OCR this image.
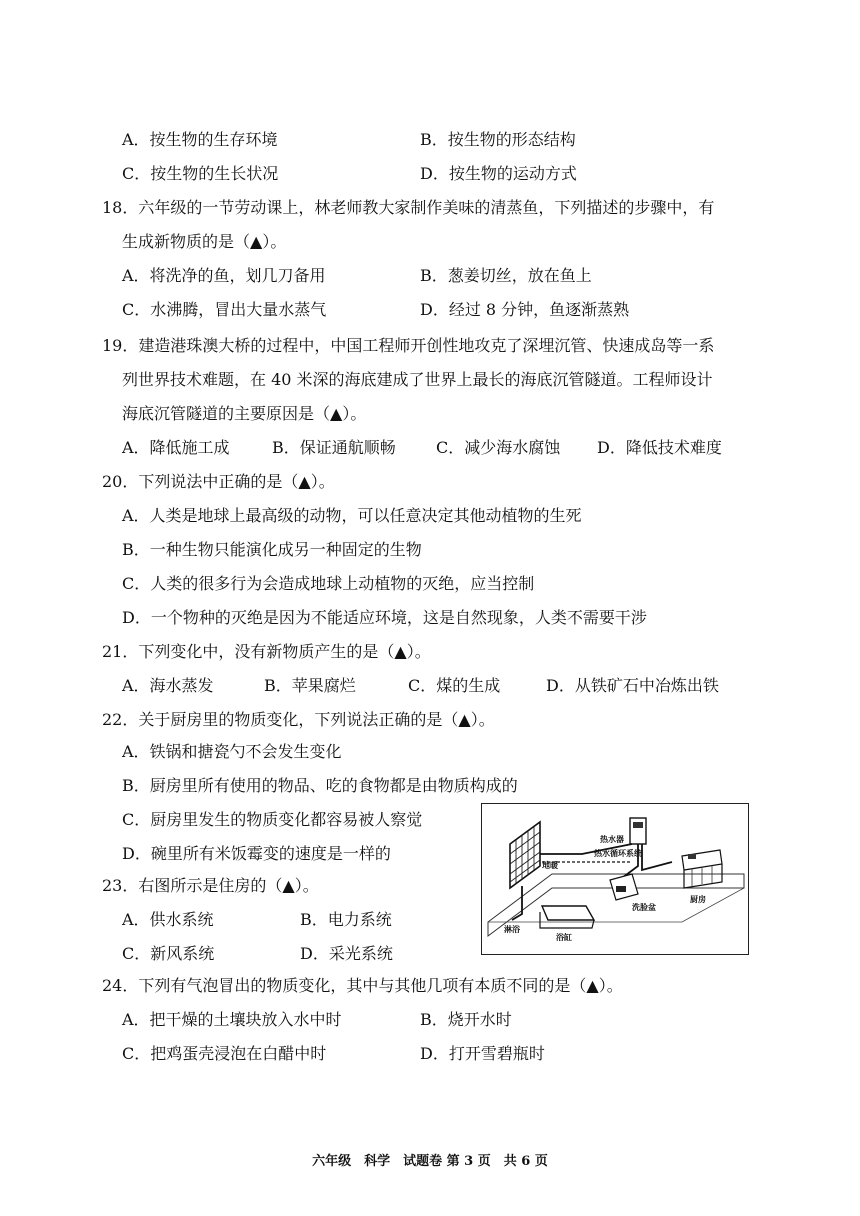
A．按生物的生存环境	B．按生物的形态结构
C．按生物的生长状况	D．按生物的运动方式
18．六年级的一节劳动课上，林老师教大家制作美味的清蒸鱼，下列描述的步骤中，有
生成新物质的是（▲）。
A．将洗净的鱼，划几刀备用	B．葱姜切丝，放在鱼上
C．水沸腾，冒出大量水蒸气	D．经过 8 分钟，鱼逐渐蒸熟
19．建造港珠澳大桥的过程中，中国工程师开创性地攻克了深埋沉管、快速成岛等一系
列世界技术难题，在 40 米深的海底建成了世界上最长的海底沉管隧道。工程师设计
海底沉管隧道的主要原因是（▲）。
A．降低施工成	B．保证通航顺畅	C．减少海水腐蚀 D．降低技术难度
20．下列说法中正确的是（▲）。
A．人类是地球上最高级的动物，可以任意决定其他动植物的生死
B．一种生物只能演化成另一种固定的生物
C．人类的很多行为会造成地球上动植物的灭绝，应当控制
D．一个物种的灭绝是因为不能适应环境，这是自然现象，人类不需要干涉
21．下列变化中，没有新物质产生的是（▲）。
A．海水蒸发	B．苹果腐烂	C．煤的生成	D．从铁矿石中冶炼出铁
22．关于厨房里的物质变化，下列说法正确的是（▲）。
A．铁锅和搪瓷勺不会发生变化
B．厨房里所有使用的物品、吃的食物都是由物质构成的
C．厨房里发生的物质变化都容易被人察觉
D．碗里所有米饭霉变的速度是一样的
23．右图所示是住房的（▲）。
A．供水系统	B．电力系统
C．新风系统	D．采光系统
24．下列有气泡冒出的物质变化，其中与其他几项有本质不同的是（▲）。
A．把干燥的土壤块放入水中时	B．烧开水时
C．把鸡蛋壳浸泡在白醋中时	D．打开雪碧瓶时
热水器
热水循环系统
地暖
淋浴
浴缸
洗脸盆
厨房
六年级　科学　试题卷 第 3 页　共 6 页
